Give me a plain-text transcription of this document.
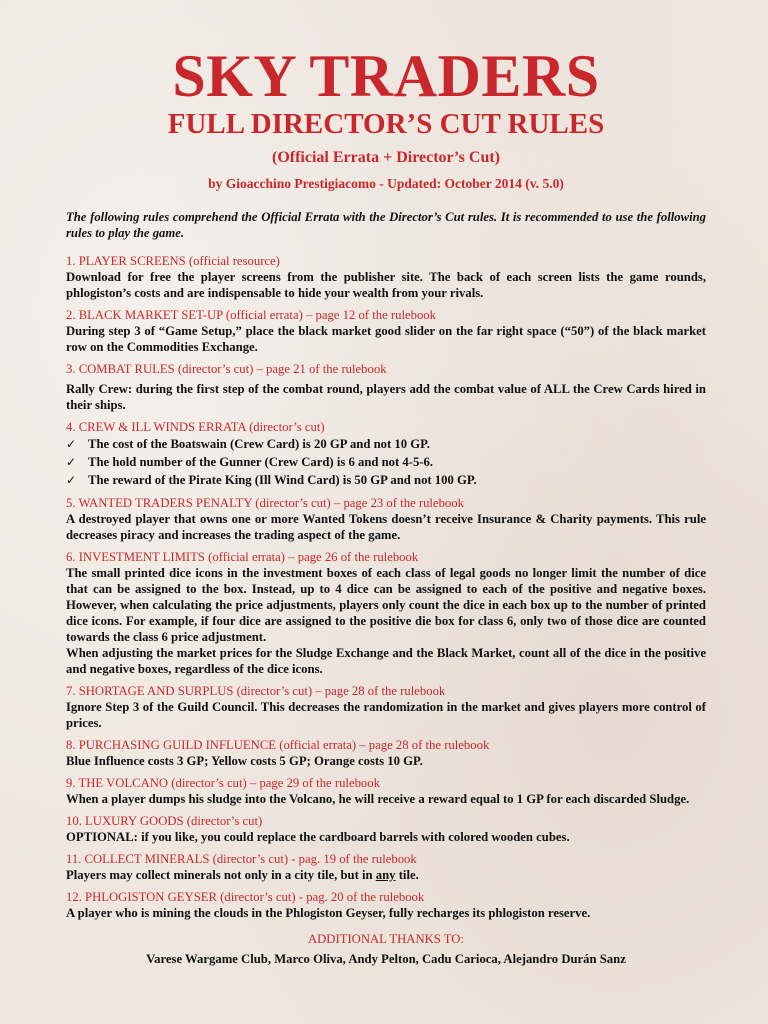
SKY TRADERS
FULL DIRECTOR’S CUT RULES

(Official Errata + Director’s Cut)

by Gioacchino Prestigiacomo - Updated: October 2014 (v. 5.0)

The following rules comprehend the Official Errata with the Director’s Cut rules. It is recommended to use the following rules to play the game.

1. PLAYER SCREENS (official resource)

Download for free the player screens from the publisher site. The back of each screen lists the game rounds, phlogiston’s costs and are indispensable to hide your wealth from your rivals.

2. BLACK MARKET SET-UP (official errata) – page 12 of the rulebook

During step 3 of “Game Setup,” place the black market good slider on the far right space (“50”) of the black market row on the Commodities Exchange.

3. COMBAT RULES (director’s cut) – page 21 of the rulebook

Rally Crew: during the first step of the combat round, players add the combat value of ALL the Crew Cards hired in their ships.

4. CREW & ILL WINDS ERRATA (director’s cut)

✓ The cost of the Boatswain (Crew Card) is 20 GP and not 10 GP.
✓ The hold number of the Gunner (Crew Card) is 6 and not 4-5-6.
✓ The reward of the Pirate King (Ill Wind Card) is 50 GP and not 100 GP.

5. WANTED TRADERS PENALTY (director’s cut) – page 23 of the rulebook

A destroyed player that owns one or more Wanted Tokens doesn’t receive Insurance & Charity payments. This rule decreases piracy and increases the trading aspect of the game.

6. INVESTMENT LIMITS (official errata) – page 26 of the rulebook

The small printed dice icons in the investment boxes of each class of legal goods no longer limit the number of dice that can be assigned to the box. Instead, up to 4 dice can be assigned to each of the positive and negative boxes. However, when calculating the price adjustments, players only count the dice in each box up to the number of printed dice icons. For example, if four dice are assigned to the positive die box for class 6, only two of those dice are counted towards the class 6 price adjustment.

When adjusting the market prices for the Sludge Exchange and the Black Market, count all of the dice in the positive and negative boxes, regardless of the dice icons.

7. SHORTAGE AND SURPLUS (director’s cut) – page 28 of the rulebook

Ignore Step 3 of the Guild Council. This decreases the randomization in the market and gives players more control of prices.

8. PURCHASING GUILD INFLUENCE (official errata) – page 28 of the rulebook

Blue Influence costs 3 GP; Yellow costs 5 GP; Orange costs 10 GP.

9. THE VOLCANO (director’s cut) – page 29 of the rulebook

When a player dumps his sludge into the Volcano, he will receive a reward equal to 1 GP for each discarded Sludge.

10. LUXURY GOODS (director’s cut)

OPTIONAL: if you like, you could replace the cardboard barrels with colored wooden cubes.

11. COLLECT MINERALS (director’s cut) - pag. 19 of the rulebook

Players may collect minerals not only in a city tile, but in any tile.

12. PHLOGISTON GEYSER (director’s cut) - pag. 20 of the rulebook

A player who is mining the clouds in the Phlogiston Geyser, fully recharges its phlogiston reserve.

ADDITIONAL THANKS TO:

Varese Wargame Club, Marco Oliva, Andy Pelton, Cadu Carioca, Alejandro Durán Sanz
